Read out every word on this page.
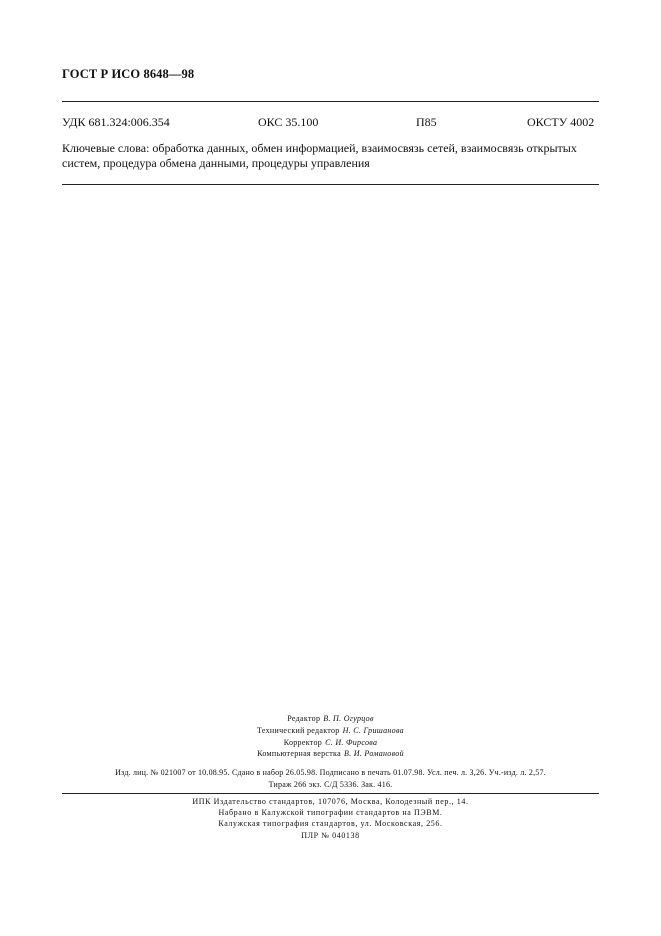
ГОСТ Р ИСО 8648—98
УДК 681.324:006.354	ОКС 35.100	П85	ОКСТУ 4002
Ключевые слова: обработка данных, обмен информацией, взаимосвязь сетей, взаимосвязь открытых систем, процедура обмена данными, процедуры управления
Редактор В. П. Огурцов
Технический редактор Н. С. Гришанова
Корректор С. И. Фирсова
Компьютерная верстка В. И. Романовой
Изд. лиц. № 021007 от 10.08.95. Сдано в набор 26.05.98. Подписано в печать 01.07.98. Усл. печ. л. 3,26. Уч.-изд. л. 2,57.
Тираж 266 экз. С/Д 5336. Зак. 416.
ИПК Издательство стандартов, 107076, Москва, Колодезный пер., 14.
Набрано в Калужской типографии стандартов на ПЭВМ.
Калужская типография стандартов, ул. Московская, 256.
ПЛР № 040138
